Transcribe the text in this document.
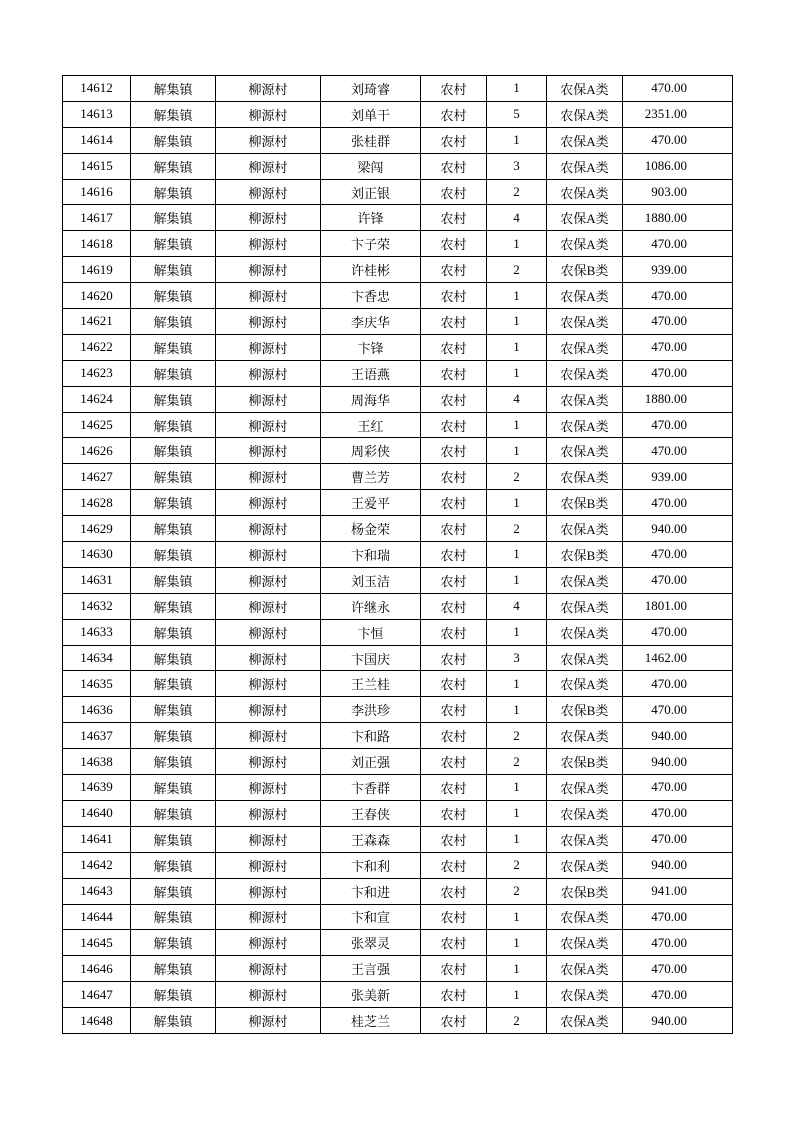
14612	解集镇	柳源村	刘琦睿	农村	1	农保A类	470.00
14613	解集镇	柳源村	刘单干	农村	5	农保A类	2351.00
14614	解集镇	柳源村	张桂群	农村	1	农保A类	470.00
14615	解集镇	柳源村	梁闯	农村	3	农保A类	1086.00
14616	解集镇	柳源村	刘正银	农村	2	农保A类	903.00
14617	解集镇	柳源村	许锋	农村	4	农保A类	1880.00
14618	解集镇	柳源村	卞子荣	农村	1	农保A类	470.00
14619	解集镇	柳源村	许桂彬	农村	2	农保B类	939.00
14620	解集镇	柳源村	卞香忠	农村	1	农保A类	470.00
14621	解集镇	柳源村	李庆华	农村	1	农保A类	470.00
14622	解集镇	柳源村	卞锋	农村	1	农保A类	470.00
14623	解集镇	柳源村	王语燕	农村	1	农保A类	470.00
14624	解集镇	柳源村	周海华	农村	4	农保A类	1880.00
14625	解集镇	柳源村	王红	农村	1	农保A类	470.00
14626	解集镇	柳源村	周彩侠	农村	1	农保A类	470.00
14627	解集镇	柳源村	曹兰芳	农村	2	农保A类	939.00
14628	解集镇	柳源村	王爱平	农村	1	农保B类	470.00
14629	解集镇	柳源村	杨金荣	农村	2	农保A类	940.00
14630	解集镇	柳源村	卞和瑞	农村	1	农保B类	470.00
14631	解集镇	柳源村	刘玉洁	农村	1	农保A类	470.00
14632	解集镇	柳源村	许继永	农村	4	农保A类	1801.00
14633	解集镇	柳源村	卞恒	农村	1	农保A类	470.00
14634	解集镇	柳源村	卞国庆	农村	3	农保A类	1462.00
14635	解集镇	柳源村	王兰桂	农村	1	农保A类	470.00
14636	解集镇	柳源村	李洪珍	农村	1	农保B类	470.00
14637	解集镇	柳源村	卞和路	农村	2	农保A类	940.00
14638	解集镇	柳源村	刘正强	农村	2	农保B类	940.00
14639	解集镇	柳源村	卞香群	农村	1	农保A类	470.00
14640	解集镇	柳源村	王春侠	农村	1	农保A类	470.00
14641	解集镇	柳源村	王森森	农村	1	农保A类	470.00
14642	解集镇	柳源村	卞和利	农村	2	农保A类	940.00
14643	解集镇	柳源村	卞和进	农村	2	农保B类	941.00
14644	解集镇	柳源村	卞和宣	农村	1	农保A类	470.00
14645	解集镇	柳源村	张翠灵	农村	1	农保A类	470.00
14646	解集镇	柳源村	王言强	农村	1	农保A类	470.00
14647	解集镇	柳源村	张美新	农村	1	农保A类	470.00
14648	解集镇	柳源村	桂芝兰	农村	2	农保A类	940.00
